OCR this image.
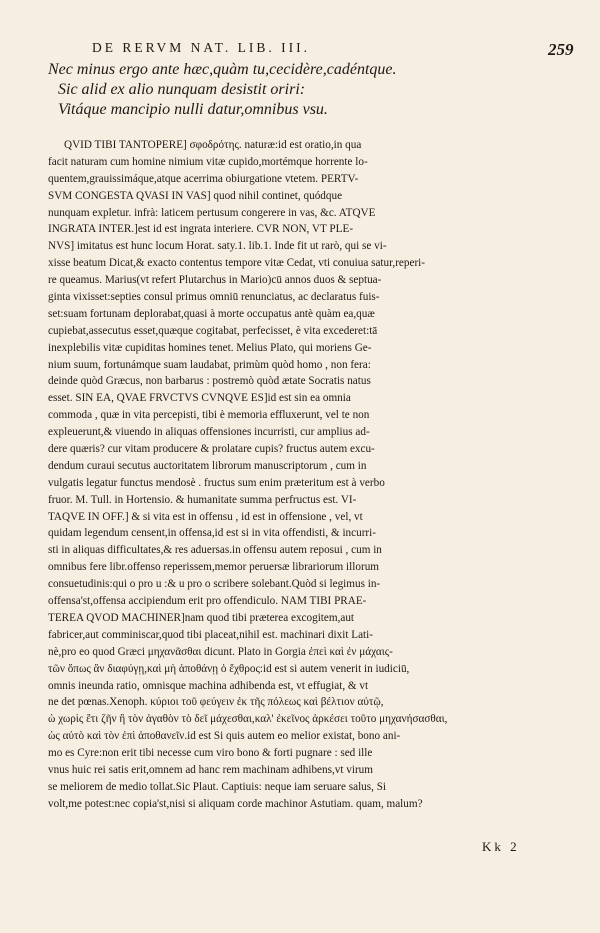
DE RERVM NAT. LIB. III.	259
Nec minus ergo ante hæc,quàm tu,cecidère,cadéntque.
Sic alid ex alio nunquam desistit oriri:
Vitáque mancipio nulli datur,omnibus vsu.
QVID TIBI TANTOPERE] σφοδρότης. naturæ:id est oratio,in qua
facit naturam cum homine nimium vitæ cupido,mortémque horrente lo-
quentem,grauissimáque,atque acerrima obiurgatione vtetem. PERTV-
SVM CONGESTA QVASI IN VAS] quod nihil continet, quódque
nunquam expletur. infrà: laticem pertusum congerere in vas, &c. ATQVE
INGRATA INTER.]est id est ingrata interiere. CVR NON, VT PLE-
NVS] imitatus est hunc locum Horat. saty.1. lib.1. Inde fit ut rarò, qui se vi-
xisse beatum Dicat,& exacto contentus tempore vitæ Cedat, vti conuiua satur,reperi-
re queamus. Marius(vt refert Plutarchus in Mario)cū annos duos & septua-
ginta vixisset:septies consul primus omniū renunciatus, ac declaratus fuis-
set:suam fortunam deplorabat,quasi à morte occupatus antè quàm ea,quæ
cupiebat,assecutus esset,quæque cogitabat, perfecisset, è vita excederet:tā
inexplebilis vitæ cupiditas homines tenet. Melius Plato, qui moriens Ge-
nium suum, fortunámque suam laudabat, primùm quòd homo , non fera:
deinde quòd Græcus, non barbarus : postremò quòd ætate Socratis natus
esset. SIN EA, QVAE FRVCTVS CVNQVE ES]id est sin ea omnia
commoda , quæ in vita percepisti, tibi è memoria effluxerunt, vel te non
expleuerunt,& viuendo in aliquas offensiones incurristi, cur amplius ad-
dere quæris? cur vitam producere & prolatare cupis? fructus autem excu-
dendum curaui secutus auctoritatem librorum manuscriptorum , cum in
vulgatis legatur functus mendosè . fructus sum enim præteritum est à verbo
fruor. M. Tull. in Hortensio. & humanitate summa perfructus est. VI-
TAQVE IN OFF.] & si vita est in offensu , id est in offensione , vel, vt
quidam legendum censent,in offensa,id est si in vita offendisti, & incurri-
sti in aliquas difficultates,& res aduersas.in offensu autem reposui , cum in
omnibus fere libr.offenso reperissem,memor peruersæ librariorum illorum
consuetudinis:qui o pro u :& u pro o scribere solebant.Quòd si legimus in-
offensa'st,offensa accipiendum erit pro offendiculo. NAM TIBI PRAE-
TEREA QVOD MACHINER]nam quod tibi præterea excogitem,aut
fabricer,aut comminiscar,quod tibi placeat,nihil est. machinari dixit Lati-
nè,pro eo quod Græci μηχανᾶσθαι dicunt. Plato in Gorgia ἐπεὶ καὶ ἐν μάχαις-
τῶν ὅπως ἂν διαφύγῃ,καὶ μὴ ἀποθάνῃ ὁ ἔχθρος:id est si autem venerit in iudiciū,
omnis ineunda ratio, omnisque machina adhibenda est, vt effugiat, & vt
ne det pœnas.Xenoph. κύριοι τοῦ φεύγειν ἐκ τῆς πόλεως καὶ βέλτιον αὐτῷ,
ὡ χωρὶς ἔτι ζῆν ἢ τὸν ἀγαθὸν τὸ δεῖ μάχεσθαι,καλ' ἐκεῖνος ἀρκέσει τοῦτο μηχανήσασθαι,
ὡς αὐτὸ καὶ τὸν ἐπὶ ἀποθανεῖν.id est Si quis autem eo melior existat, bono ani-
mo es Cyre:non erit tibi necesse cum viro bono & forti pugnare : sed ille
vnus huic rei satis erit,omnem ad hanc rem machinam adhibens,vt virum
se meliorem de medio tollat.Sic Plaut. Captiuis: neque iam seruare salus, Si
volt,me potest:nec copia'st,nisi si aliquam corde machinor Astutiam. quam, malum?
Kk 2
